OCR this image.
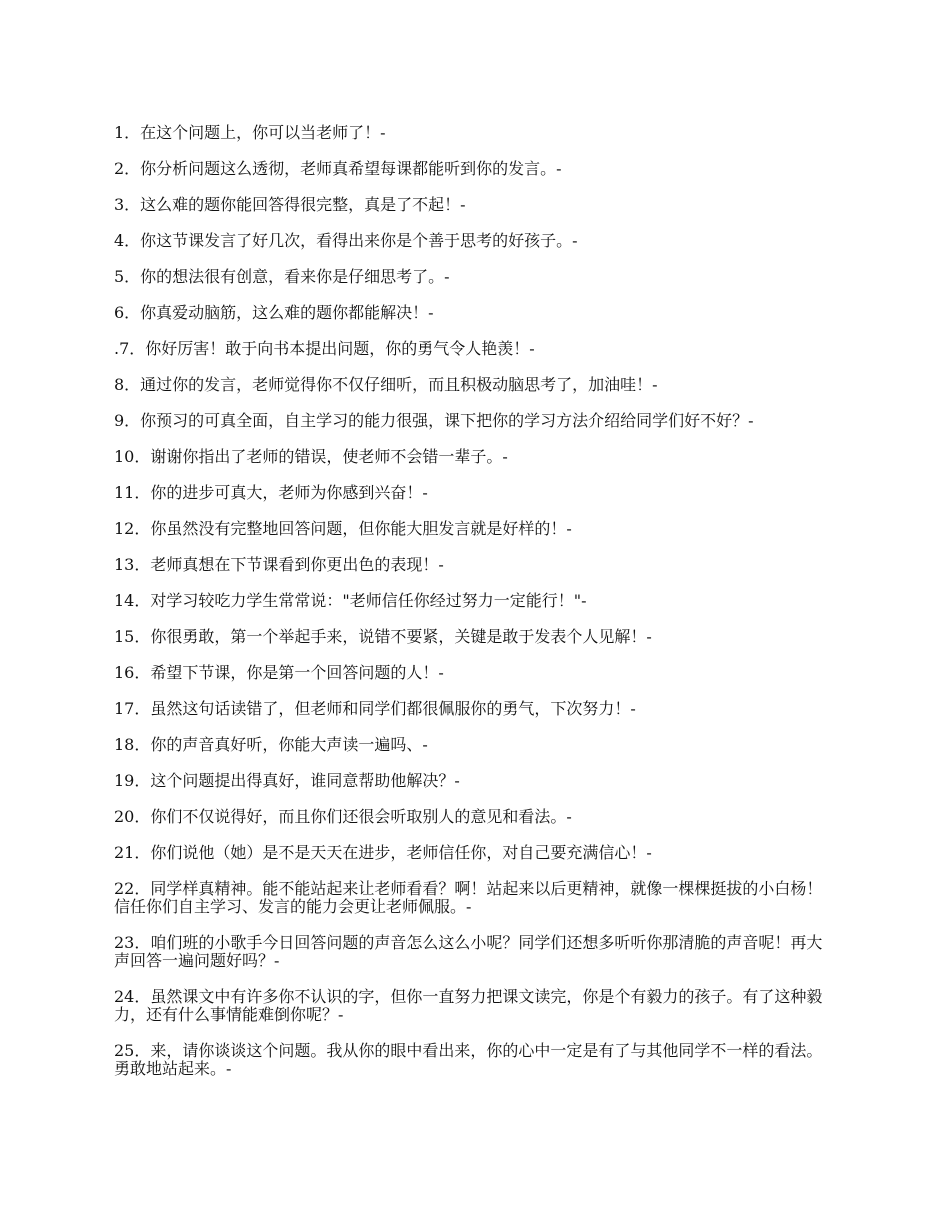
1．在这个问题上，你可以当老师了！-

2．你分析问题这么透彻，老师真希望每课都能听到你的发言。-

3．这么难的题你能回答得很完整，真是了不起！-

4．你这节课发言了好几次，看得出来你是个善于思考的好孩子。-

5．你的想法很有创意，看来你是仔细思考了。-

6．你真爱动脑筋，这么难的题你都能解决！-

.7．你好厉害！敢于向书本提出问题，你的勇气令人艳羡！-

8．通过你的发言，老师觉得你不仅仔细听，而且积极动脑思考了，加油哇！-

9．你预习的可真全面，自主学习的能力很强，课下把你的学习方法介绍给同学们好不好？-

10．谢谢你指出了老师的错误，使老师不会错一辈子。-

11．你的进步可真大，老师为你感到兴奋！-

12．你虽然没有完整地回答问题，但你能大胆发言就是好样的！-

13．老师真想在下节课看到你更出色的表现！-

14．对学习较吃力学生常常说："老师信任你经过努力一定能行！"-

15．你很勇敢，第一个举起手来，说错不要紧，关键是敢于发表个人见解！-

16．希望下节课，你是第一个回答问题的人！-

17．虽然这句话读错了，但老师和同学们都很佩服你的勇气，下次努力！-

18．你的声音真好听，你能大声读一遍吗、-

19．这个问题提出得真好，谁同意帮助他解决？-

20．你们不仅说得好，而且你们还很会听取别人的意见和看法。-

21．你们说他（她）是不是天天在进步，老师信任你，对自己要充满信心！-

22．同学样真精神。能不能站起来让老师看看？啊！站起来以后更精神，就像一棵棵挺拔的小白杨！信任你们自主学习、发言的能力会更让老师佩服。-

23．咱们班的小歌手今日回答问题的声音怎么这么小呢？同学们还想多听听你那清脆的声音呢！再大声回答一遍问题好吗？-

24．虽然课文中有许多你不认识的字，但你一直努力把课文读完，你是个有毅力的孩子。有了这种毅力，还有什么事情能难倒你呢？-

25．来，请你谈谈这个问题。我从你的眼中看出来，你的心中一定是有了与其他同学不一样的看法。勇敢地站起来。-
